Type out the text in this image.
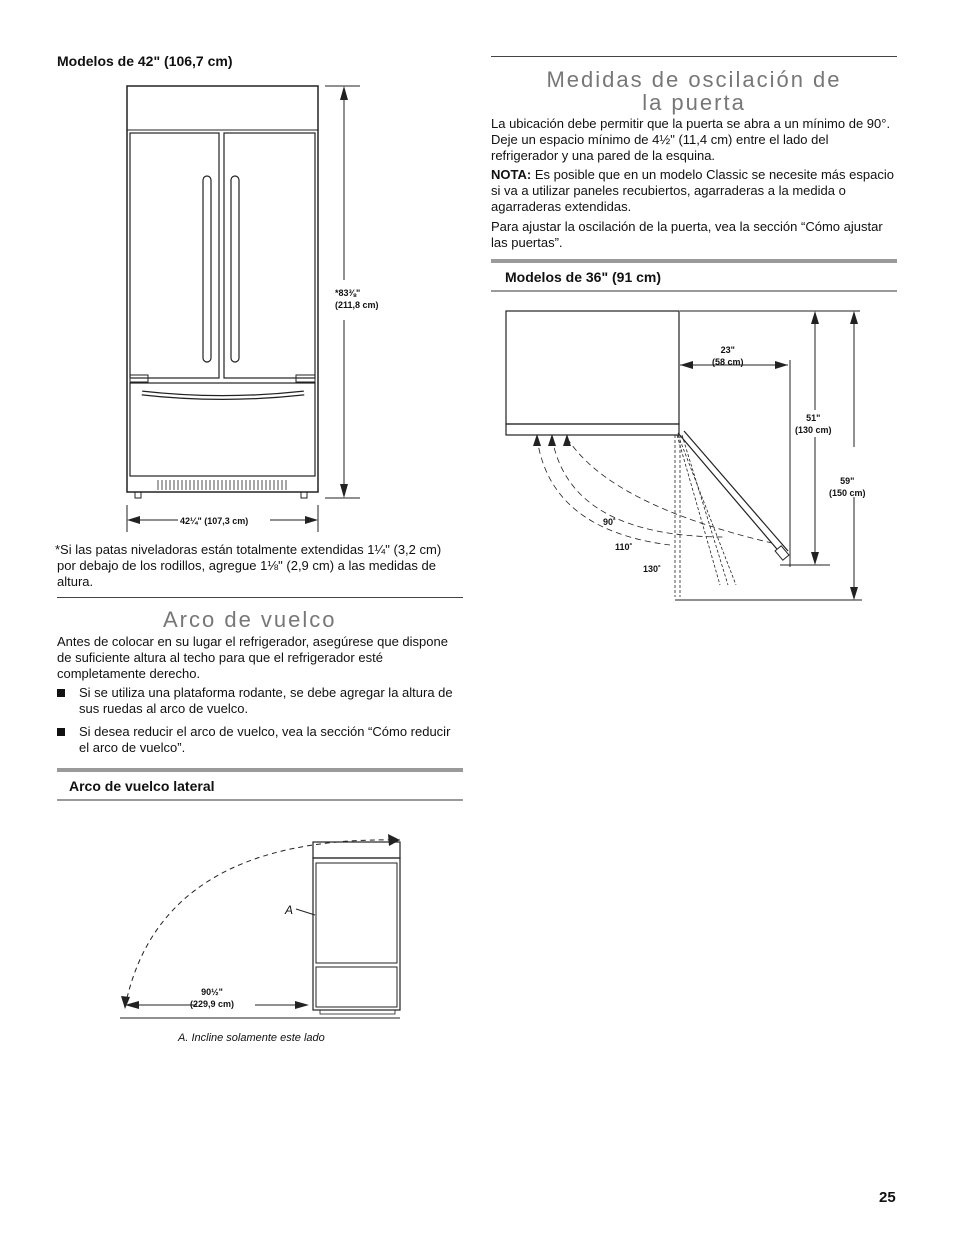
Modelos de 42" (106,7 cm)
*83⅜"
(211,8 cm)
42¼" (107,3 cm)
*Si las patas niveladoras están totalmente extendidas 1¼" (3,2 cm) por debajo de los rodillos, agregue 1⅛" (2,9 cm) a las medidas de altura.
Arco de vuelco
Antes de colocar en su lugar el refrigerador, asegúrese que dispone de suficiente altura al techo para que el refrigerador esté completamente derecho.
Si se utiliza una plataforma rodante, se debe agregar la altura de sus ruedas al arco de vuelco.
Si desea reducir el arco de vuelco, vea la sección “Cómo reducir el arco de vuelco”.
Arco de vuelco lateral
A
90½"
(229,9 cm)
A. Incline solamente este lado
Medidas de oscilación de
la puerta
La ubicación debe permitir que la puerta se abra a un mínimo de 90°. Deje un espacio mínimo de 4½" (11,4 cm) entre el lado del refrigerador y una pared de la esquina.
NOTA: Es posible que en un modelo Classic se necesite más espacio si va a utilizar paneles recubiertos, agarraderas a la medida o agarraderas extendidas.
Para ajustar la oscilación de la puerta, vea la sección “Cómo ajustar las puertas”.
Modelos de 36" (91 cm)
23"
(58 cm)
51"
(130 cm)
59"
(150 cm)
90˚
110˚
130˚
25
